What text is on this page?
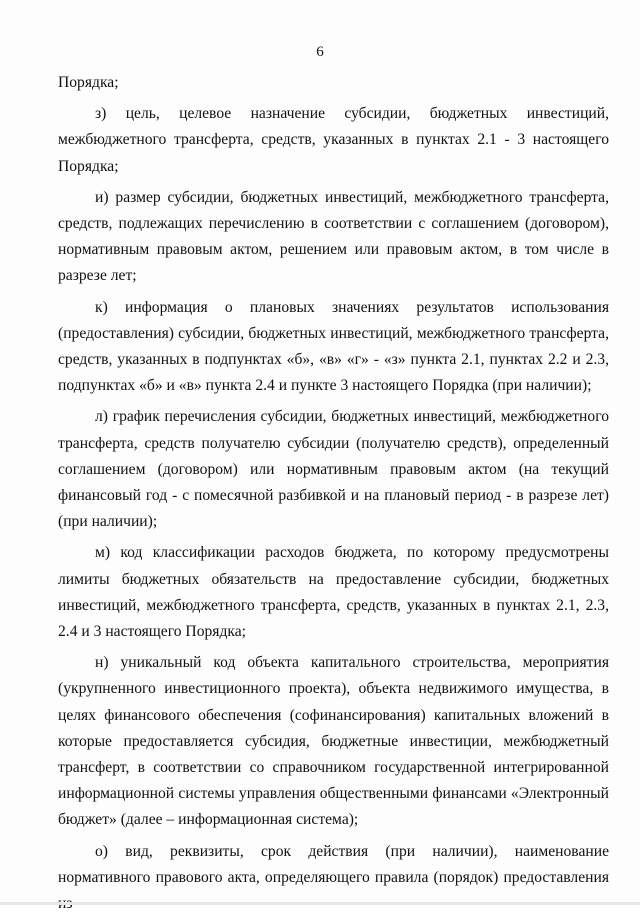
6

Порядка;

з) цель, целевое назначение субсидии, бюджетных инвестиций, межбюджетного трансферта, средств, указанных в пунктах 2.1 - 3 настоящего Порядка;

и) размер субсидии, бюджетных инвестиций, межбюджетного трансферта, средств, подлежащих перечислению в соответствии с соглашением (договором), нормативным правовым актом, решением или правовым актом, в том числе в разрезе лет;

к) информация о плановых значениях результатов использования (предоставления) субсидии, бюджетных инвестиций, межбюджетного трансферта, средств, указанных в подпунктах «б», «в» «г» - «з» пункта 2.1, пунктах 2.2 и 2.3, подпунктах «б» и «в» пункта 2.4 и пункте 3 настоящего Порядка (при наличии);

л) график перечисления субсидии, бюджетных инвестиций, межбюджетного трансферта, средств получателю субсидии (получателю средств), определенный соглашением (договором) или нормативным правовым актом (на текущий финансовый год - с помесячной разбивкой и на плановый период - в разрезе лет) (при наличии);

м) код классификации расходов бюджета, по которому предусмотрены лимиты бюджетных обязательств на предоставление субсидии, бюджетных инвестиций, межбюджетного трансферта, средств, указанных в пунктах 2.1, 2.3, 2.4 и 3 настоящего Порядка;

н) уникальный код объекта капитального строительства, мероприятия (укрупненного инвестиционного проекта), объекта недвижимого имущества, в целях финансового обеспечения (софинансирования) капитальных вложений в которые предоставляется субсидия, бюджетные инвестиции, межбюджетный трансферт, в соответствии со справочником государственной интегрированной информационной системы управления общественными финансами «Электронный бюджет» (далее – информационная система);

о) вид, реквизиты, срок действия (при наличии), наименование нормативного правового акта, определяющего правила (порядок) предоставления
